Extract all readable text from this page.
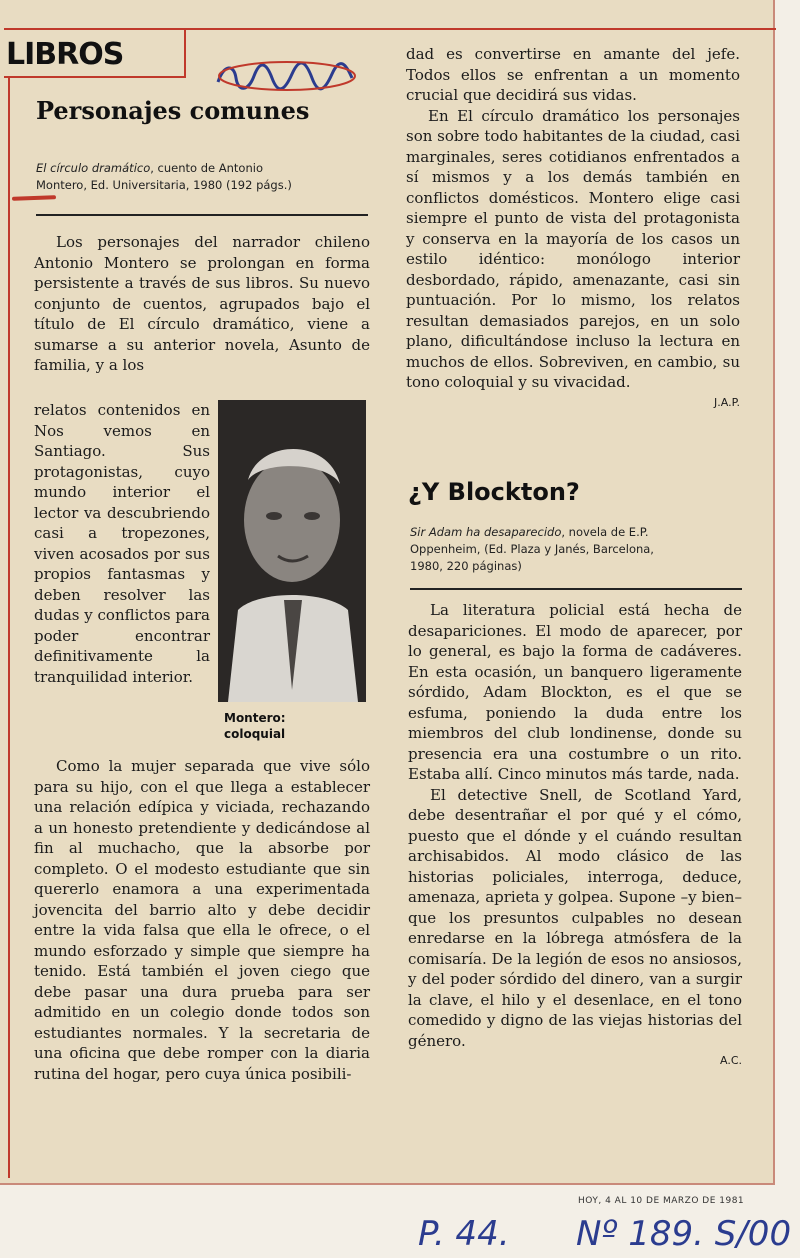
LIBROS
Personajes comunes
El círculo dramático, cuento de Antonio
Montero, Ed. Universitaria, 1980 (192 págs.)

Los personajes del narrador chileno Antonio Montero se prolongan en forma persistente a través de sus libros. Su nuevo conjunto de cuentos, agrupados bajo el título de El círculo dramático, viene a sumarse a su anterior novela, Asunto de familia, y a los

relatos contenidos en Nos vemos en Santiago. Sus protagonistas, cuyo mundo interior el lector va descubriendo casi a tropezones, viven acosados por sus propios fantasmas y deben resolver las dudas y conflictos para poder encontrar definitivamente la tranquilidad interior.

Montero:
coloquial

Como la mujer separada que vive sólo para su hijo, con el que llega a establecer una relación edípica y viciada, rechazando a un honesto pretendiente y dedicándose al fin al muchacho, que la absorbe por completo. O el modesto estudiante que sin quererlo enamora a una experimentada jovencita del barrio alto y debe decidir entre la vida falsa que ella le ofrece, o el mundo esforzado y simple que siempre ha tenido. Está también el joven ciego que debe pasar una dura prueba para ser admitido en un colegio donde todos son estudiantes normales. Y la secretaria de una oficina que debe romper con la diaria rutina del hogar, pero cuya única posibili-

dad es convertirse en amante del jefe. Todos ellos se enfrentan a un momento crucial que decidirá sus vidas.

En El círculo dramático los personajes son sobre todo habitantes de la ciudad, casi marginales, seres cotidianos enfrentados a sí mismos y a los demás también en conflictos domésticos. Montero elige casi siempre el punto de vista del protagonista y conserva en la mayoría de los casos un estilo idéntico: monólogo interior desbordado, rápido, amenazante, casi sin puntuación. Por lo mismo, los relatos resultan demasiados parejos, en un solo plano, dificultándose incluso la lectura en muchos de ellos. Sobreviven, en cambio, su tono coloquial y su vivacidad.

J.A.P.
¿Y Blockton?
Sir Adam ha desaparecido, novela de E.P.
Oppenheim, (Ed. Plaza y Janés, Barcelona,
1980, 220 páginas)

La literatura policial está hecha de desapariciones. El modo de aparecer, por lo general, es bajo la forma de cadáveres. En esta ocasión, un banquero ligeramente sórdido, Adam Blockton, es el que se esfuma, poniendo la duda entre los miembros del club londinense, donde su presencia era una costumbre o un rito. Estaba allí. Cinco minutos más tarde, nada.

El detective Snell, de Scotland Yard, debe desentrañar el por qué y el cómo, puesto que el dónde y el cuándo resultan archisabidos. Al modo clásico de las historias policiales, interroga, deduce, amenaza, aprieta y golpea. Supone –y bien– que los presuntos culpables no desean enredarse en la lóbrega atmósfera de la comisaría. De la legión de esos no ansiosos, y del poder sórdido del dinero, van a surgir la clave, el hilo y el desenlace, en el tono comedido y digno de las viejas historias del género.

A.C.
HOY, 4 AL 10 DE MARZO DE 1981
P. 44. Nº 189. S/00
